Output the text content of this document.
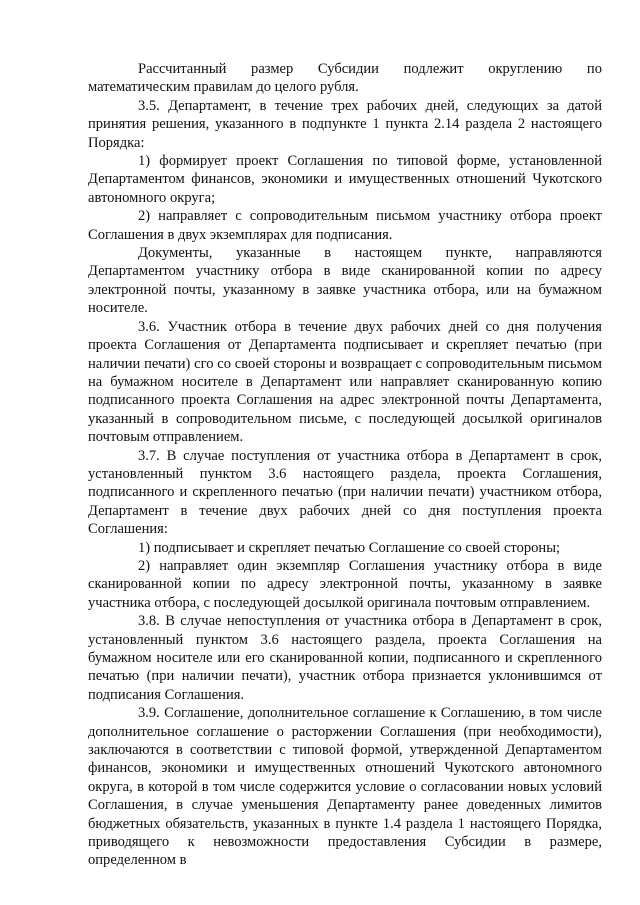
Рассчитанный размер Субсидии подлежит округлению по математическим правилам до целого рубля.

3.5. Департамент, в течение трех рабочих дней, следующих за датой принятия решения, указанного в подпункте 1 пункта 2.14 раздела 2 настоящего Порядка:

1) формирует проект Соглашения по типовой форме, установленной Департаментом финансов, экономики и имущественных отношений Чукотского автономного округа;

2) направляет с сопроводительным письмом участнику отбора проект Соглашения в двух экземплярах для подписания.

Документы, указанные в настоящем пункте, направляются Департаментом участнику отбора в виде сканированной копии по адресу электронной почты, указанному в заявке участника отбора, или на бумажном носителе.

3.6. Участник отбора в течение двух рабочих дней со дня получения проекта Соглашения от Департамента подписывает и скрепляет печатью (при наличии печати) сго со своей стороны и возвращает с сопроводительным письмом на бумажном носителе в Департамент или направляет сканированную копию подписанного проекта Соглашения на адрес электронной почты Департамента, указанный в сопроводительном письме, с последующей досылкой оригиналов почтовым отправлением.

3.7. В случае поступления от участника отбора в Департамент в срок, установленный пунктом 3.6 настоящего раздела, проекта Соглашения, подписанного и скрепленного печатью (при наличии печати) участником отбора, Департамент в течение двух рабочих дней со дня поступления проекта Соглашения:

1) подписывает и скрепляет печатью Соглашение со своей стороны;

2) направляет один экземпляр Соглашения участнику отбора в виде сканированной копии по адресу электронной почты, указанному в заявке участника отбора, с последующей досылкой оригинала почтовым отправлением.

3.8. В случае непоступления от участника отбора в Департамент в срок, установленный пунктом 3.6 настоящего раздела, проекта Соглашения на бумажном носителе или его сканированной копии, подписанного и скрепленного печатью (при наличии печати), участник отбора признается уклонившимся от подписания Соглашения.

3.9. Соглашение, дополнительное соглашение к Соглашению, в том числе дополнительное соглашение о расторжении Соглашения (при необходимости), заключаются в соответствии с типовой формой, утвержденной Департаментом финансов, экономики и имущественных отношений Чукотского автономного округа, в которой в том числе содержится условие о согласовании новых условий Соглашения, в случае уменьшения Департаменту ранее доведенных лимитов бюджетных обязательств, указанных в пункте 1.4 раздела 1 настоящего Порядка, приводящего к невозможности предоставления Субсидии в размере, определенном в
